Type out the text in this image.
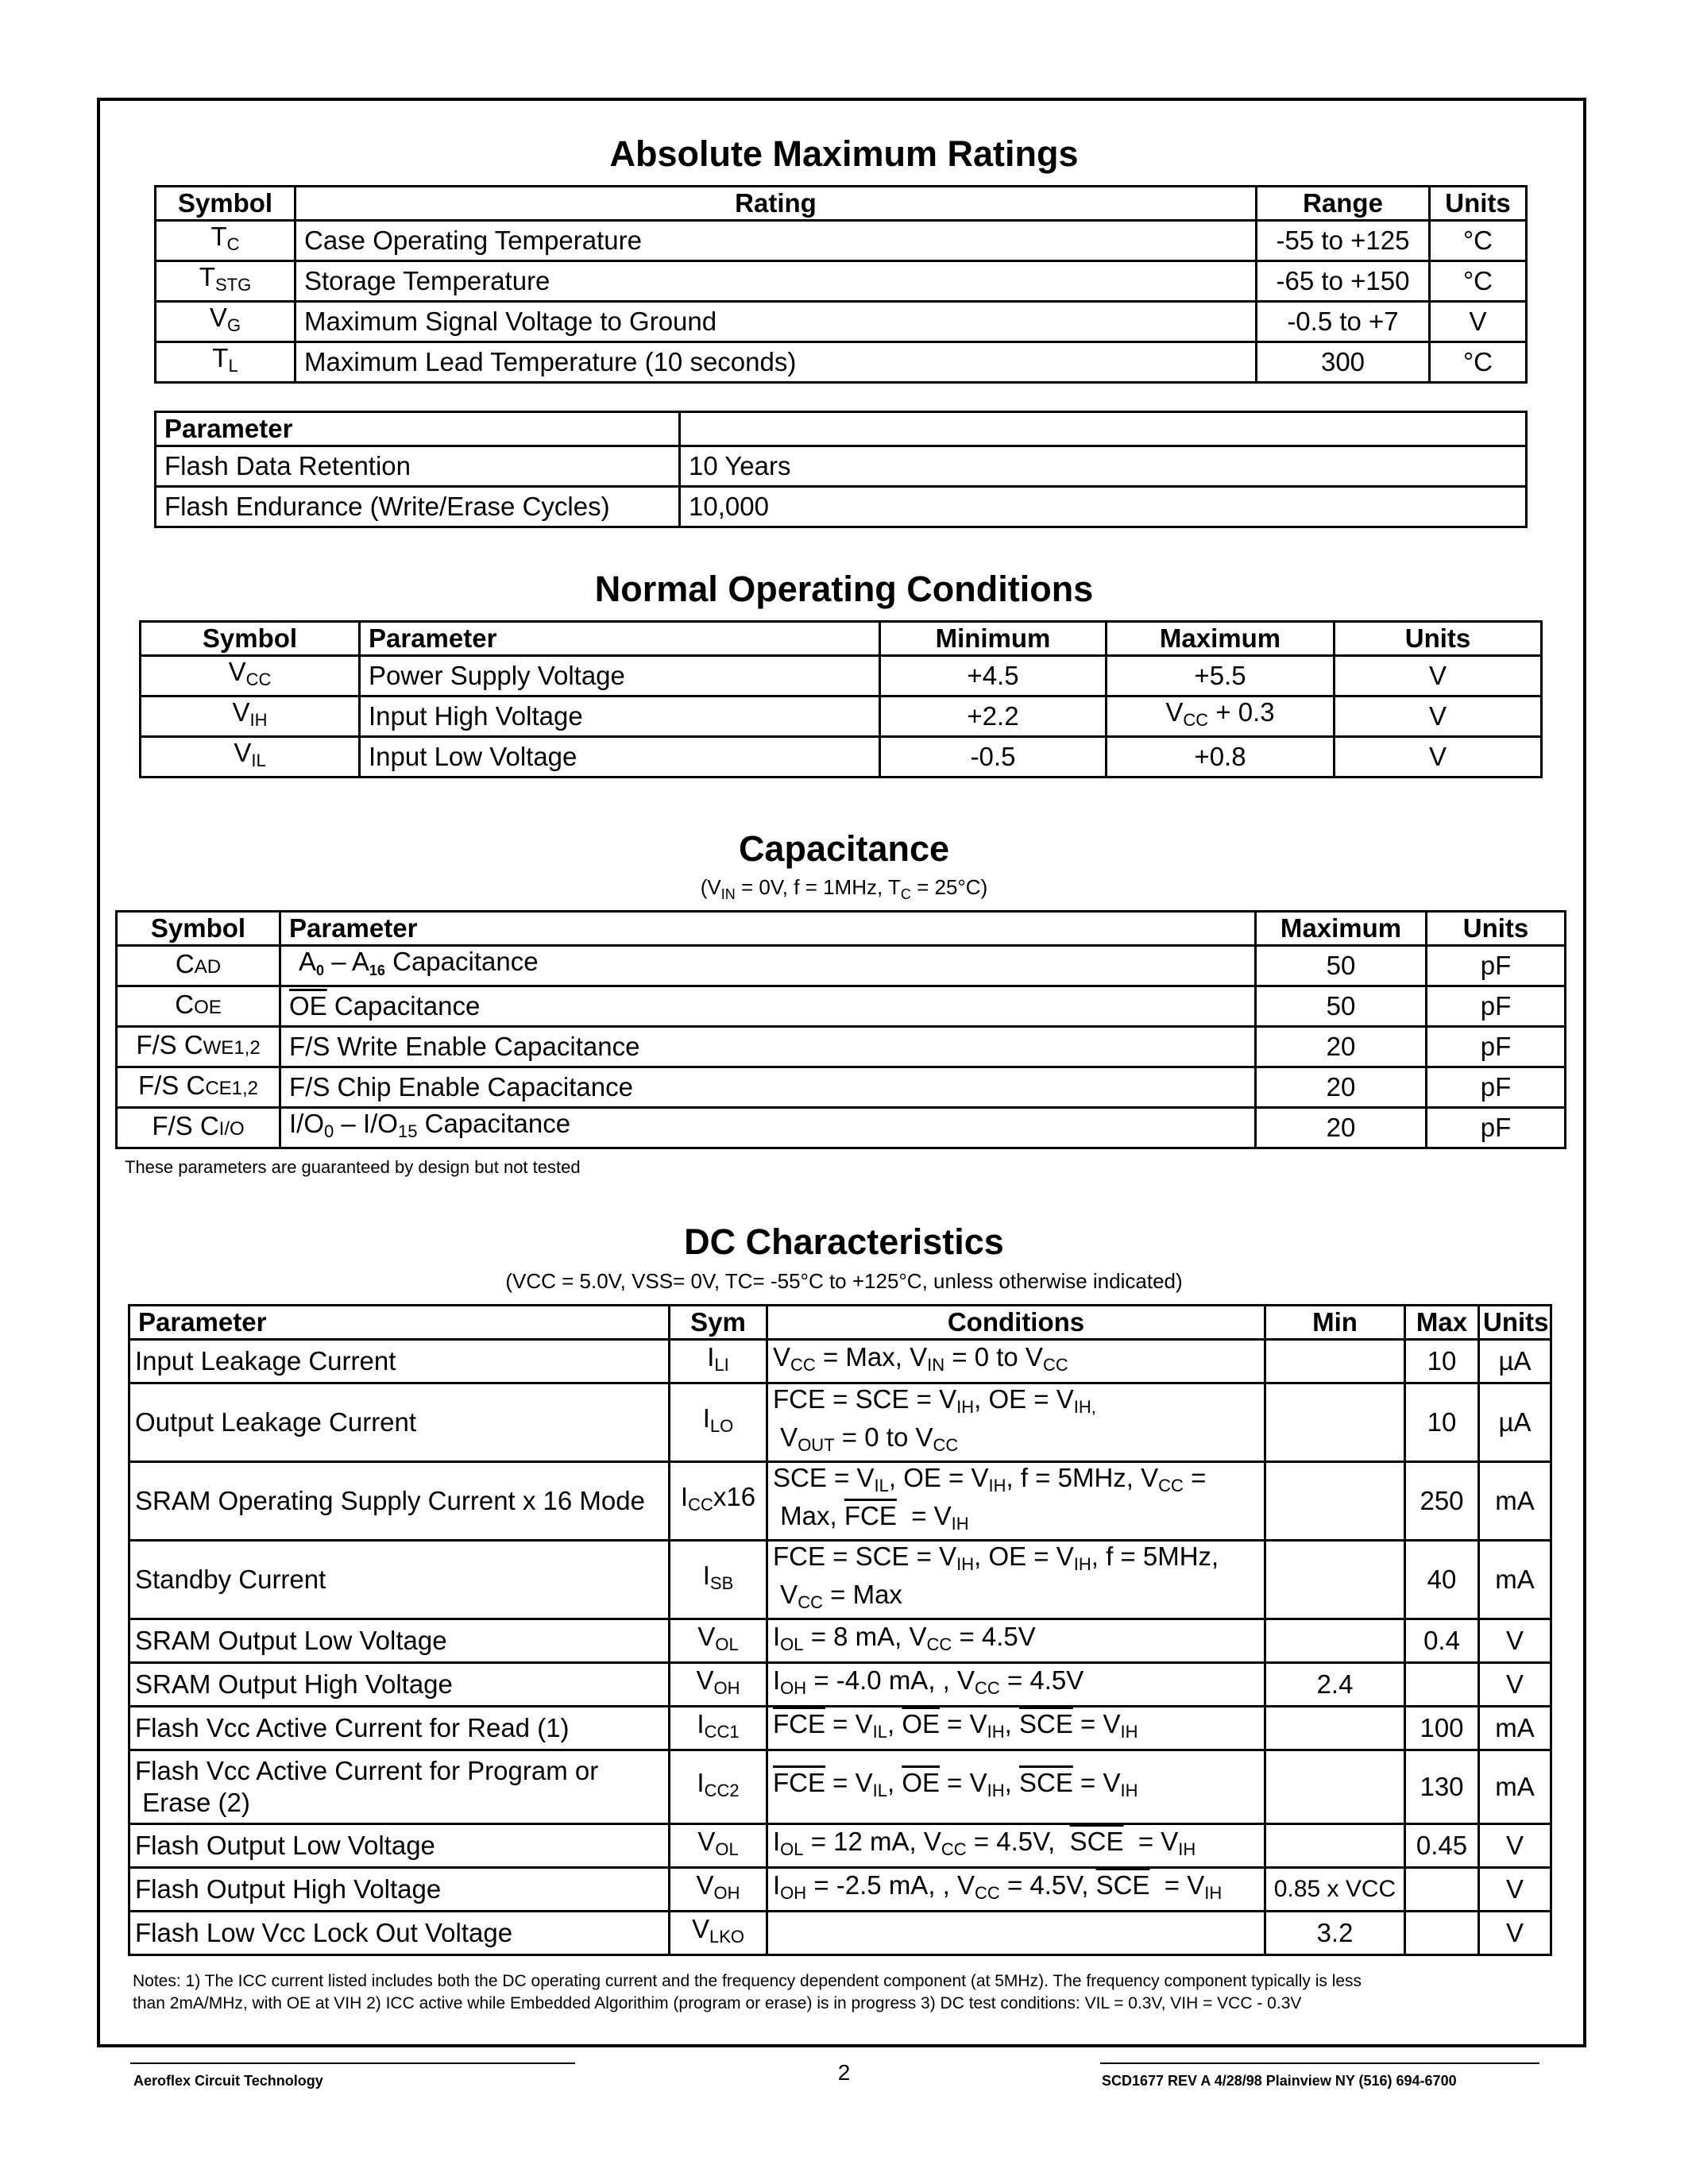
Absolute Maximum Ratings
Symbol	Rating	Range	Units
$T_C$	Case Operating Temperature	-55 to +125	°C
$T_{STG}$	Storage Temperature	-65 to +150	°C
$V_G$	Maximum Signal Voltage to Ground	-0.5 to +7	V
$T_L$	Maximum Lead Temperature (10 seconds)	300	°C
Parameter	
Flash Data Retention	10 Years
Flash Endurance (Write/Erase Cycles)	10,000
Normal Operating Conditions
Symbol	Parameter	Minimum	Maximum	Units
$V_{CC}$	Power Supply Voltage	+4.5	+5.5	V
$V_{IH}$	Input High Voltage	+2.2	$V_{CC} + 0.3$	V
$V_{IL}$	Input Low Voltage	-0.5	+0.8	V
Capacitance
($V_{IN} = 0V$, f = 1MHz, $T_C = 25^\circ C$)
Symbol	Parameter	Maximum	Units
CAD	$A_0 - A_{16}$ Capacitance	50	pF
COE	$\overline{OE}$ Capacitance	50	pF
F/S CWE1,2	F/S Write Enable Capacitance	20	pF
F/S CCE1,2	F/S Chip Enable Capacitance	20	pF
F/S CI/O	$I/O_0 - I/O_{15}$ Capacitance	20	pF
These parameters are guaranteed by design but not tested
DC Characteristics
(VCC = 5.0V, VSS= 0V, TC= -55°C to +125°C, unless otherwise indicated)
Parameter	Sym	Conditions	Min	Max	Units
Input Leakage Current	$I_{LI}$	$V_{CC}$ = Max, $V_{IN} = 0$ to $V_{CC}$		10	µA
Output Leakage Current	$I_{LO}$	$\overline{FCE} = \overline{SCE} = V_{IH}$, $\overline{OE} = V_{IH,}$
$V_{OUT} = 0$ to $V_{CC}$		10	µA
SRAM Operating Supply Current x 16 Mode	$I_{CC}x16$	$\overline{SCE} = V_{IL}$, $\overline{OE} = V_{IH}$, f = 5MHz, $V_{CC}$ =
Max, $\overline{FCE} = V_{IH}$		250	mA
Standby Current	$I_{SB}$	$\overline{FCE} = \overline{SCE} = V_{IH}$, $\overline{OE} = V_{IH}$, f = 5MHz,
$V_{CC}$ = Max		40	mA
SRAM Output Low Voltage	$V_{OL}$	$I_{OL} = 8$ mA, $V_{CC} = 4.5V$		0.4	V
SRAM Output High Voltage	$V_{OH}$	$I_{OH} = -4.0$ mA, , $V_{CC} = 4.5V$	2.4		V
Flash Vcc Active Current for Read (1)	$I_{CC1}$	$\overline{FCE} = V_{IL}$, $\overline{OE} = V_{IH}$, $\overline{SCE} = V_{IH}$		100	mA
Flash Vcc Active Current for Program or
Erase (2)	$I_{CC2}$	$\overline{FCE} = V_{IL}$, $\overline{OE} = V_{IH}$, $\overline{SCE} = V_{IH}$		130	mA
Flash Output Low Voltage	$V_{OL}$	$I_{OL} = 12$ mA, $V_{CC} = 4.5V$,  $\overline{SCE} = V_{IH}$		0.45	V
Flash Output High Voltage	$V_{OH}$	$I_{OH} = -2.5$ mA, , $V_{CC} = 4.5V$, $\overline{SCE} = V_{IH}$	0.85 x VCC		V
Flash Low Vcc Lock Out Voltage	$V_{LKO}$		3.2		V
Notes: 1) The ICC current listed includes both the DC operating current and the frequency dependent component (at 5MHz). The frequency component typically is less
than 2mA/MHz, with OE at VIH 2) ICC active while Embedded Algorithim (program or erase) is in progress 3) DC test conditions: VIL = 0.3V, VIH = VCC - 0.3V
Aeroflex Circuit Technology	2	SCD1677 REV A 4/28/98 Plainview NY (516) 694-6700
